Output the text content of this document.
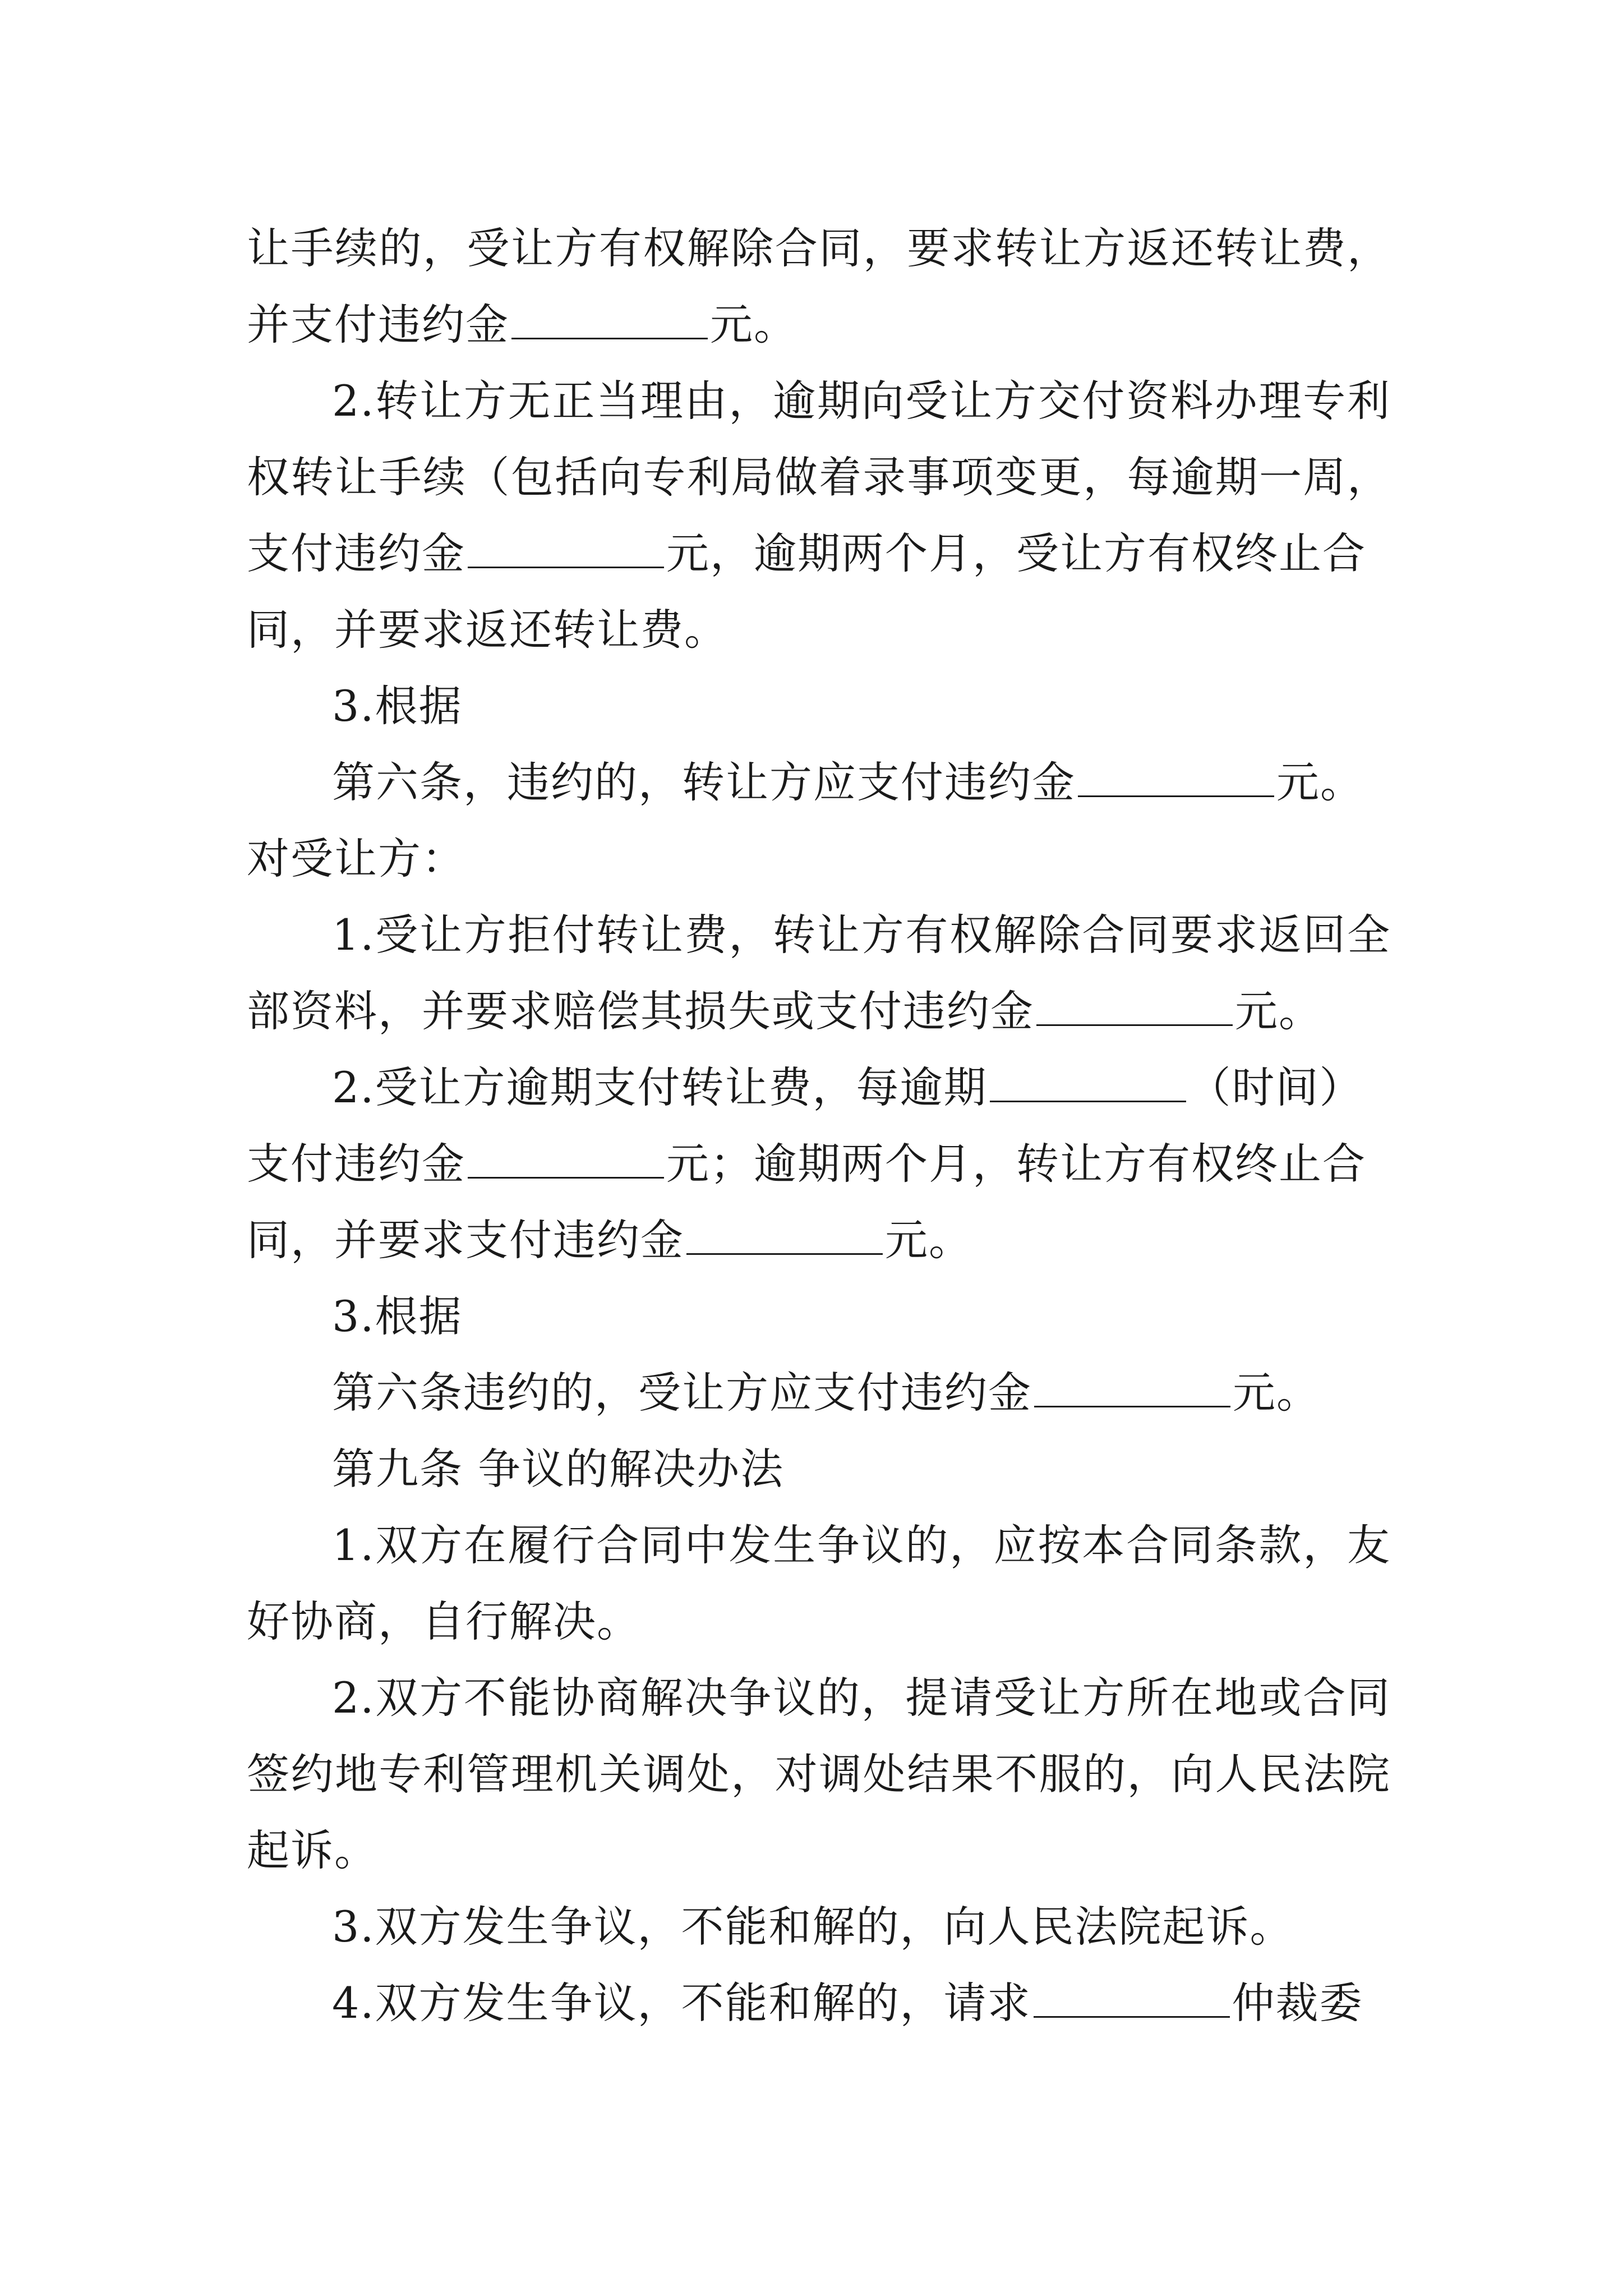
让手续的，受让方有权解除合同，要求转让方返还转让费，
并支付违约金	元。
2.转让方无正当理由，逾期向受让方交付资料办理专利
权转让手续（包括向专利局做着录事项变更，每逾期一周，
支付违约金	元，逾期两个月，受让方有权终止合
同，并要求返还转让费。
3.根据
第六条，违约的，转让方应支付违约金	元。
对受让方：
1.受让方拒付转让费，转让方有权解除合同要求返回全
部资料，并要求赔偿其损失或支付违约金	元。
2.受让方逾期支付转让费，每逾期	（时间）
支付违约金	元；逾期两个月，转让方有权终止合
同，并要求支付违约金	元。
3.根据
第六条违约的，受让方应支付违约金	元。
第九条 争议的解决办法
1.双方在履行合同中发生争议的，应按本合同条款，友
好协商，自行解决。
2.双方不能协商解决争议的，提请受让方所在地或合同
签约地专利管理机关调处，对调处结果不服的，向人民法院
起诉。
3.双方发生争议，不能和解的，向人民法院起诉。
4.双方发生争议，不能和解的，请求	仲裁委
